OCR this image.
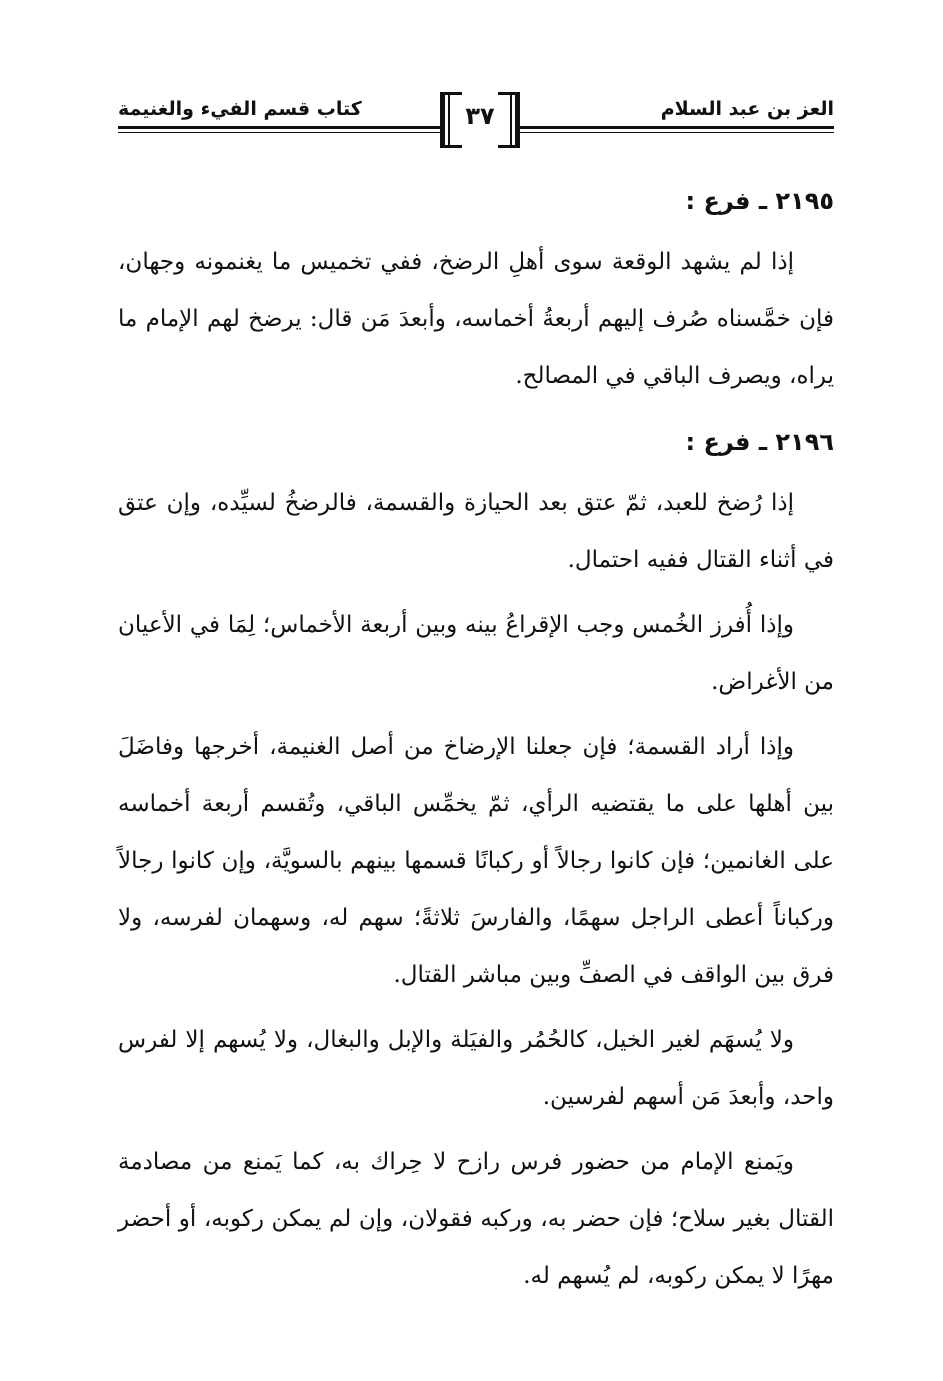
العز بن عبد السلام
كتاب قسم الفيء والغنيمة	٣٧
٢١٩٥ ـ فرع :

إذا لم يشهد الوقعة سوى أهلِ الرضخ، ففي تخميس ما يغنمونه وجهان، فإن خمَّسناه صُرف إليهم أربعةُ أخماسه، وأبعدَ مَن قال: يرضخ لهم الإمام ما يراه، ويصرف الباقي في المصالح.

٢١٩٦ ـ فرع :

إذا رُضخ للعبد، ثمّ عتق بعد الحيازة والقسمة، فالرضخُ لسيِّده، وإن عتق في أثناء القتال ففيه احتمال.

وإذا أُفرز الخُمس وجب الإقراعُ بينه وبين أربعة الأخماس؛ لِمَا في الأعيان من الأغراض.

وإذا أراد القسمة؛ فإن جعلنا الإرضاخ من أصل الغنيمة، أخرجها وفاضَلَ بين أهلها على ما يقتضيه الرأي، ثمّ يخمِّس الباقي، وتُقسم أربعة أخماسه على الغانمين؛ فإن كانوا رجالاً أو ركبانًا قسمها بينهم بالسويَّة، وإن كانوا رجالاً وركباناً أعطى الراجل سهمًا، والفارسَ ثلاثةً؛ سهم له، وسهمان لفرسه، ولا فرق بين الواقف في الصفِّ وبين مباشر القتال.

ولا يُسهَم لغير الخيل، كالحُمُر والفيَلة والإبل والبغال، ولا يُسهم إلا لفرس واحد، وأبعدَ مَن أسهم لفرسين.

ويَمنع الإمام من حضور فرس رازح لا حِراك به، كما يَمنع من مصادمة القتال بغير سلاح؛ فإن حضر به، وركبه فقولان، وإن لم يمكن ركوبه، أو أحضر مهرًا لا يمكن ركوبه، لم يُسهم له.
